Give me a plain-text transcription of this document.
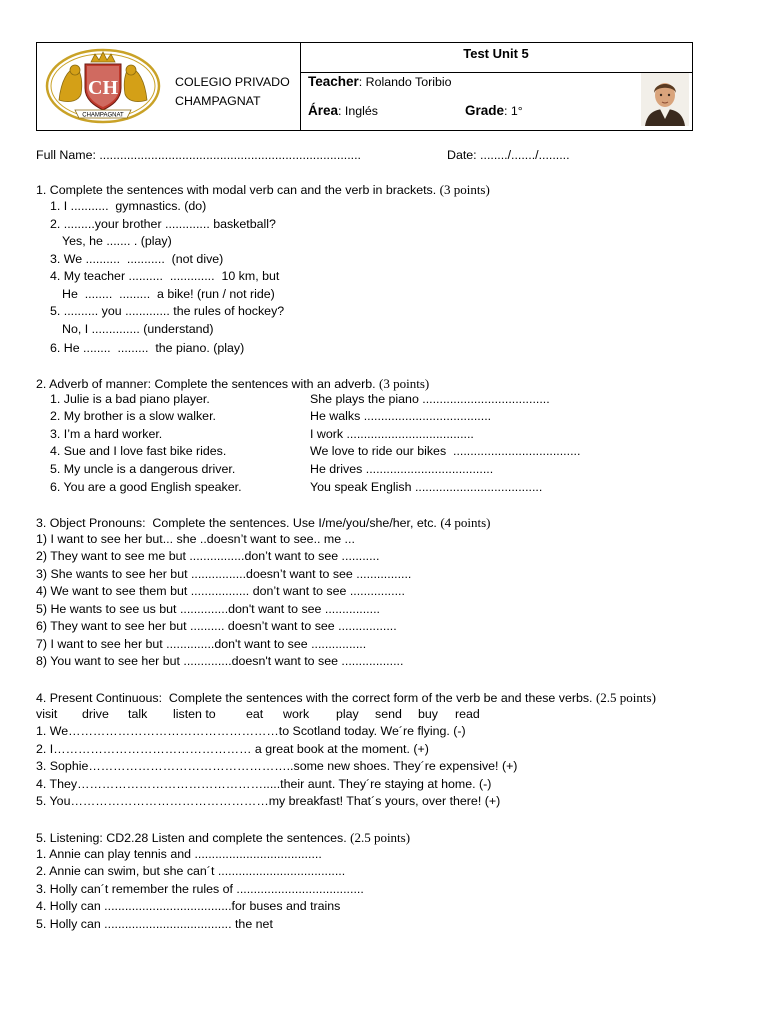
CH
CHAMPAGNAT
COLEGIO PRIVADO
CHAMPAGNAT
Test Unit 5
Teacher: Rolando Toribio
Área: Inglés	Grade: 1°
Full Name: ............................................................................	Date: ......../......./.........
1. Complete the sentences with modal verb can and the verb in brackets. (3 points)
1. I ...........  gymnastics. (do)
2. .........your brother ............. basketball?
Yes, he ....... . (play)
3. We ..........  ...........  (not dive)
4. My teacher ..........  .............  10 km, but
He  ........  .........  a bike! (run / not ride)
5. .......... you ............. the rules of hockey?
No, I .............. (understand)
6. He ........  .........  the piano. (play)
2. Adverb of manner: Complete the sentences with an adverb. (3 points)
1. Julie is a bad piano player.	She plays the piano .....................................
2. My brother is a slow walker.	He walks .....................................
3. I’m a hard worker.	I work .....................................
4. Sue and I love fast bike rides.	We love to ride our bikes  .....................................
5. My uncle is a dangerous driver.	He drives .....................................
6. You are a good English speaker.	You speak English .....................................
3. Object Pronouns:  Complete the sentences. Use I/me/you/she/her, etc. (4 points)
1) I want to see her but... she ..doesn’t want to see.. me ...
2) They want to see me but ................don’t want to see ...........
3) She wants to see her but ................doesn’t want to see ................
4) We want to see them but ................. don’t want to see ................
5) He wants to see us but ..............don't want to see ................
6) They want to see her but .......... doesn’t want to see .................
7) I want to see her but ..............don't want to see ................
8) You want to see her but ..............doesn't want to see ..................
4. Present Continuous:  Complete the sentences with the correct form of the verb be and these verbs. (2.5 points)
visit drive talk listen to eat work play send buy read
1. We……………………………………………to Scotland today. We´re flying. (-)
2. I………………………………………… a great book at the moment. (+)
3. Sophie…………………………………………..some new shoes. They´re expensive! (+)
4. They……………………………………….....their aunt. They´re staying at home. (-)
5. You…………………………………………my breakfast! That´s yours, over there! (+)
5. Listening: CD2.28 Listen and complete the sentences. (2.5 points)
1. Annie can play tennis and .....................................
2. Annie can swim, but she can´t .....................................
3. Holly can´t remember the rules of .....................................
4. Holly can .....................................for buses and trains
5. Holly can ..................................... the net
